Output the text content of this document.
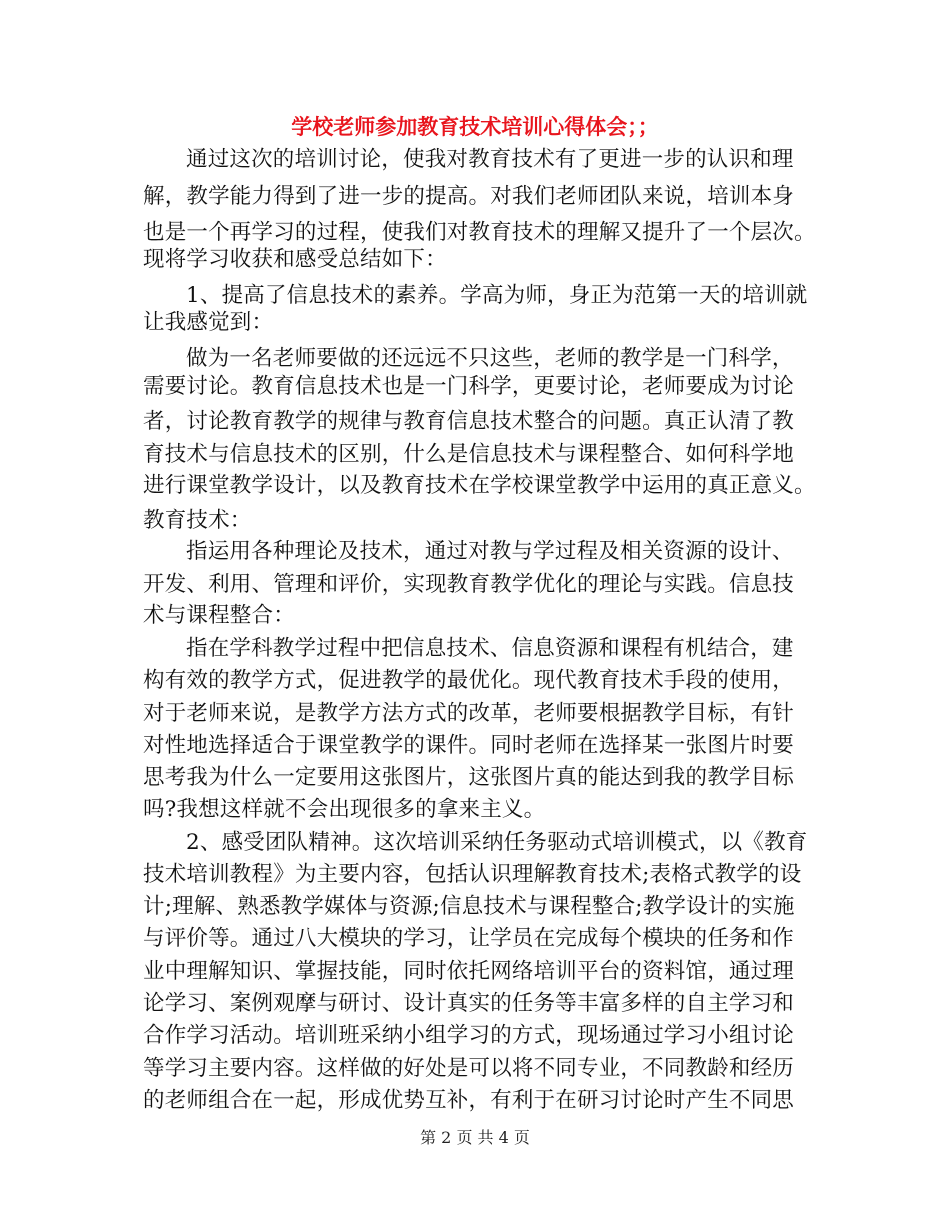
学校老师参加教育技术培训心得体会；；
通过这次的培训讨论，使我对教育技术有了更进一步的认识和理
解，教学能力得到了进一步的提高。对我们老师团队来说，培训本身
也是一个再学习的过程，使我们对教育技术的理解又提升了一个层次。
现将学习收获和感受总结如下：
1、提高了信息技术的素养。学高为师，身正为范第一天的培训就
让我感觉到：
做为一名老师要做的还远远不只这些，老师的教学是一门科学，
需要讨论。教育信息技术也是一门科学，更要讨论，老师要成为讨论
者，讨论教育教学的规律与教育信息技术整合的问题。真正认清了教
育技术与信息技术的区别，什么是信息技术与课程整合、如何科学地
进行课堂教学设计，以及教育技术在学校课堂教学中运用的真正意义。
教育技术：
指运用各种理论及技术，通过对教与学过程及相关资源的设计、
开发、利用、管理和评价，实现教育教学优化的理论与实践。信息技
术与课程整合：
指在学科教学过程中把信息技术、信息资源和课程有机结合，建
构有效的教学方式，促进教学的最优化。现代教育技术手段的使用，
对于老师来说，是教学方法方式的改革，老师要根据教学目标，有针
对性地选择适合于课堂教学的课件。同时老师在选择某一张图片时要
思考我为什么一定要用这张图片，这张图片真的能达到我的教学目标
吗?我想这样就不会出现很多的拿来主义。
2、感受团队精神。这次培训采纳任务驱动式培训模式，以《教育
技术培训教程》为主要内容，包括认识理解教育技术;表格式教学的设
计;理解、熟悉教学媒体与资源;信息技术与课程整合;教学设计的实施
与评价等。通过八大模块的学习，让学员在完成每个模块的任务和作
业中理解知识、掌握技能，同时依托网络培训平台的资料馆，通过理
论学习、案例观摩与研讨、设计真实的任务等丰富多样的自主学习和
合作学习活动。培训班采纳小组学习的方式，现场通过学习小组讨论
等学习主要内容。这样做的好处是可以将不同专业，不同教龄和经历
的老师组合在一起，形成优势互补，有利于在研习讨论时产生不同思
第 2 页 共 4 页
